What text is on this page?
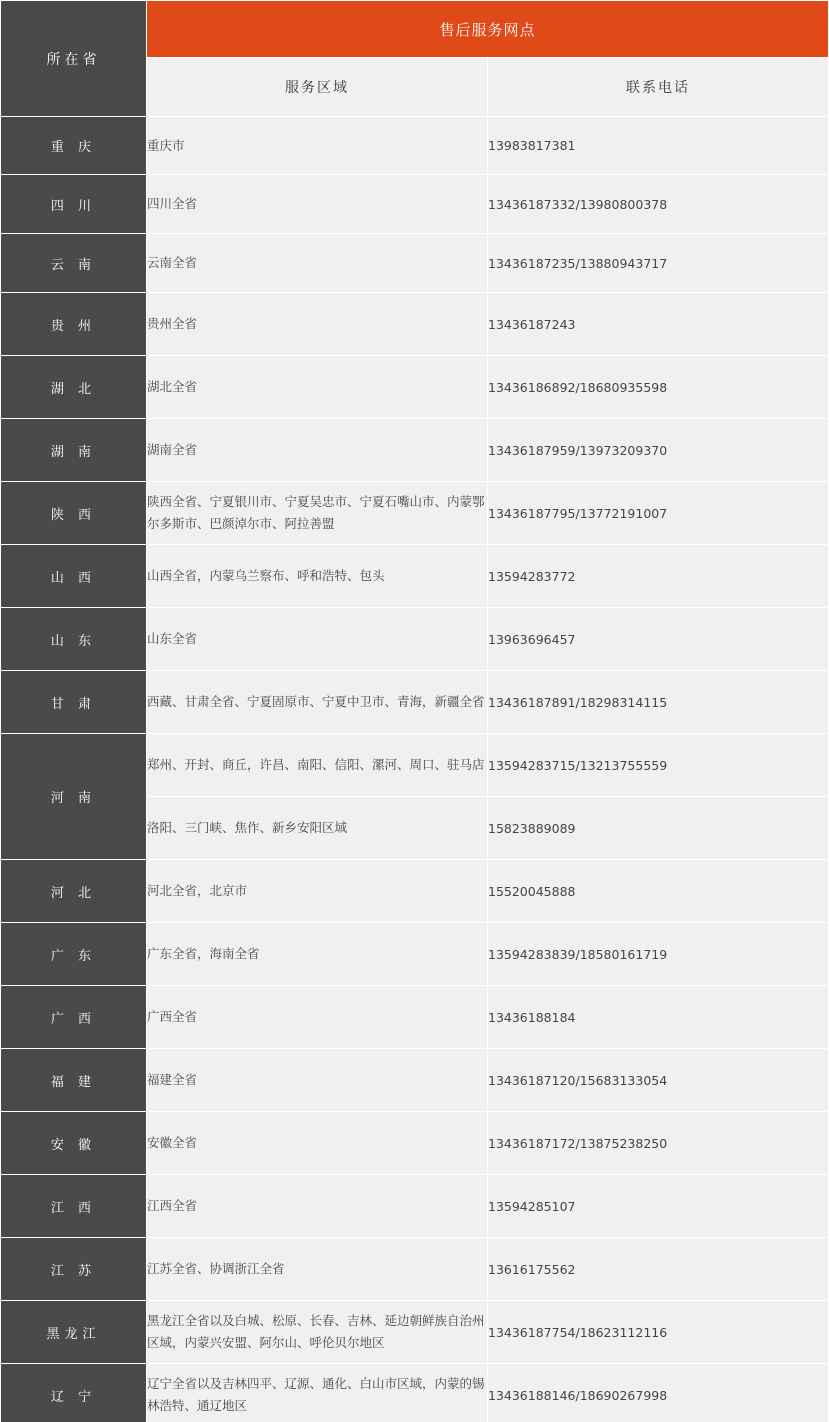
所在省	售后服务网点	
	服务区域	联系电话
重 庆	重庆市	13983817381
四 川	四川全省	13436187332/13980800378
云 南	云南全省	13436187235/13880943717
贵 州	贵州全省	13436187243
湖 北	湖北全省	13436186892/18680935598
湖 南	湖南全省	13436187959/13973209370
陕 西	陕西全省、宁夏银川市、宁夏吴忠市、宁夏石嘴山市、内蒙鄂尔多斯市、巴颜淖尔市、阿拉善盟	13436187795/13772191007
山 西	山西全省，内蒙乌兰察布、呼和浩特、包头	13594283772
山 东	山东全省	13963696457
甘 肃	西藏、甘肃全省、宁夏固原市、宁夏中卫市、青海，新疆全省	13436187891/18298314115
河 南	郑州、开封、商丘，许昌、南阳、信阳、漯河、周口、驻马店	13594283715/13213755559
	洛阳、三门峡、焦作、新乡安阳区域	15823889089
河 北	河北全省，北京市	15520045888
广 东	广东全省，海南全省	13594283839/18580161719
广 西	广西全省	13436188184
福 建	福建全省	13436187120/15683133054
安 徽	安徽全省	13436187172/13875238250
江 西	江西全省	13594285107
江 苏	江苏全省、协调浙江全省	13616175562
黑龙江	黑龙江全省以及白城、松原、长春、吉林、延边朝鲜族自治州区域，内蒙兴安盟、阿尔山、呼伦贝尔地区	13436187754/18623112116
辽 宁	辽宁全省以及吉林四平、辽源、通化、白山市区域，内蒙的锡林浩特、通辽地区	13436188146/18690267998
